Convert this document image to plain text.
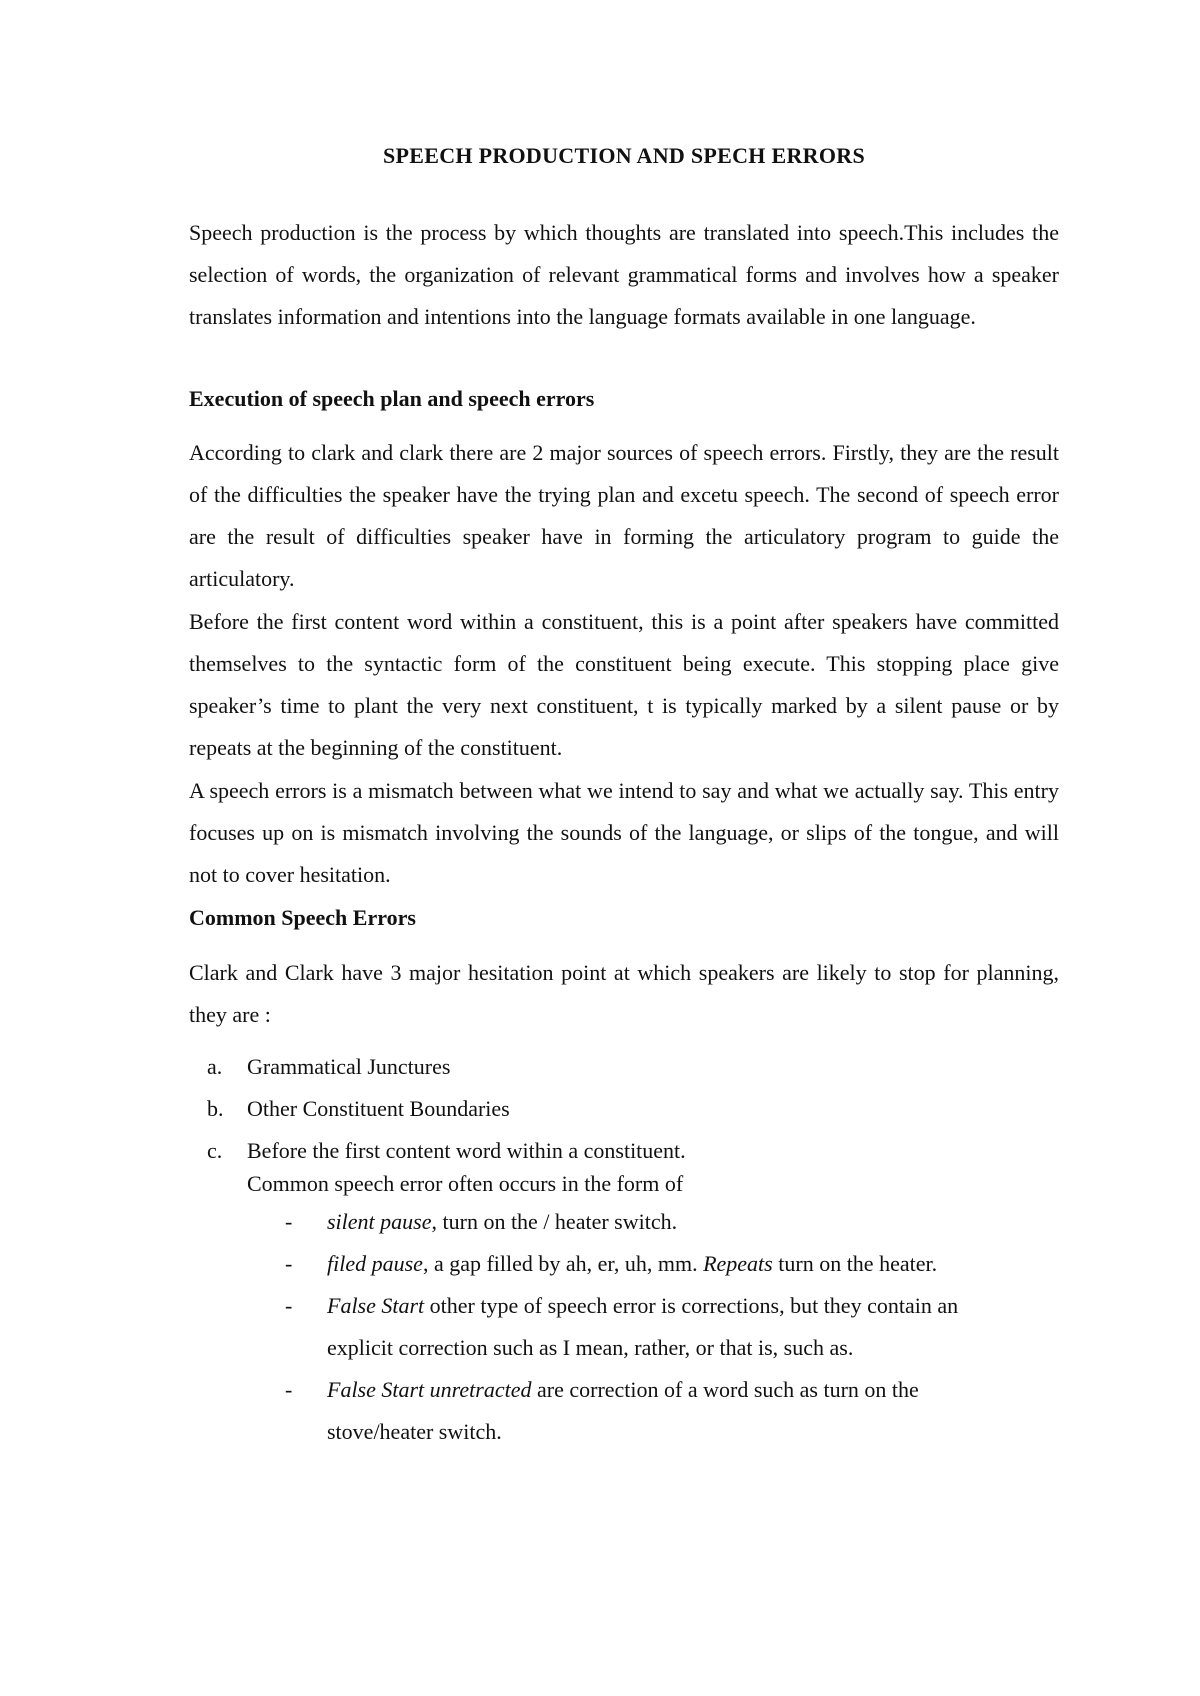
SPEECH PRODUCTION AND SPECH ERRORS

Speech production is the process by which thoughts are translated into speech.This includes the selection of words, the organization of relevant grammatical forms and involves how a speaker translates information and intentions into the language formats available in one language.

Execution of speech plan and speech errors

According to clark and clark there are 2 major sources of speech errors. Firstly, they are the result of the difficulties the speaker have the trying plan and excetu speech. The second of speech error are the result of difficulties speaker have in forming the articulatory program to guide the articulatory.

Before the first content word within a constituent, this is a point after speakers have committed themselves to the syntactic form of the constituent being execute. This stopping place give speaker’s time to plant the very next constituent, t is typically marked by a silent pause or by repeats at the beginning of the constituent.

A speech errors is a mismatch between what we intend to say and what we actually say. This entry focuses up on is mismatch involving the sounds of the language, or slips of the tongue, and will not to cover hesitation.

Common Speech Errors

Clark and Clark have 3 major hesitation point at which speakers are likely to stop for planning, they are :

a. Grammatical Junctures
b. Other Constituent Boundaries
c. Before the first content word within a constituent.

Common speech error often occurs in the form of

- silent pause, turn on the / heater switch.
- filed pause, a gap filled by ah, er, uh, mm. Repeats turn on the heater.
- False Start other type of speech error is corrections, but they contain an explicit correction such as I mean, rather, or that is, such as.
- False Start unretracted are correction of a word such as turn on the stove/heater switch.
